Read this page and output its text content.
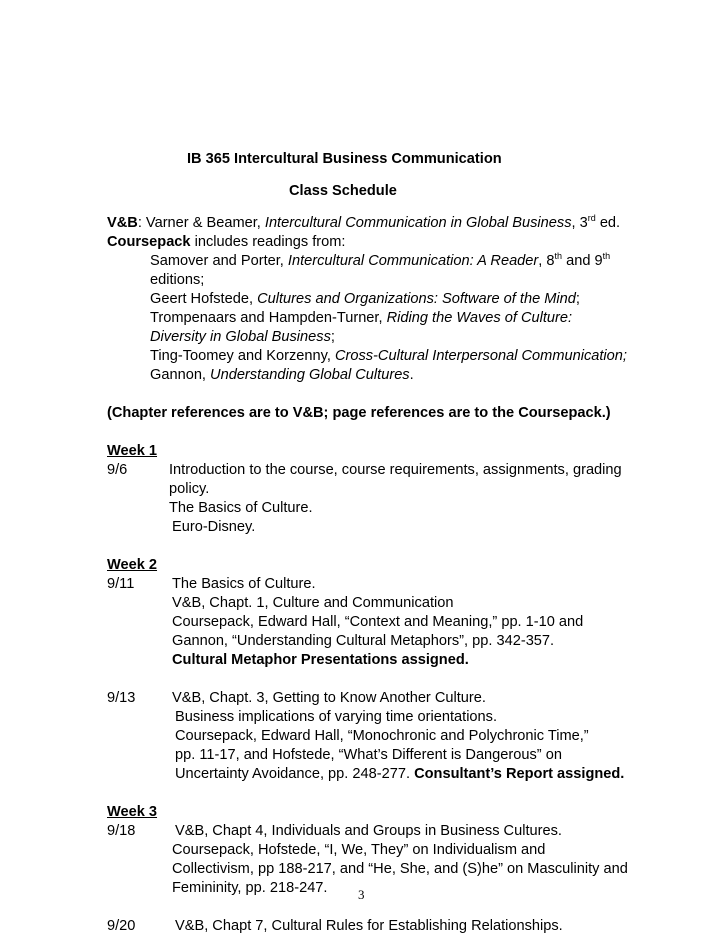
IB 365 Intercultural Business Communication
Class Schedule
V&B: Varner & Beamer, Intercultural Communication in Global Business, 3rd ed.
Coursepack includes readings from:
Samover and Porter, Intercultural Communication: A Reader, 8th and 9th
editions;
Geert Hofstede, Cultures and Organizations: Software of the Mind;
Trompenaars and Hampden-Turner, Riding the Waves of Culture:
Diversity in Global Business;
Ting-Toomey and Korzenny, Cross-Cultural Interpersonal Communication;
Gannon, Understanding Global Cultures.
(Chapter references are to V&B; page references are to the Coursepack.)
Week 1
9/6	Introduction to the course, course requirements, assignments, grading
policy.
The Basics of Culture.
Euro-Disney.
Week 2
9/11	The Basics of Culture.
V&B, Chapt. 1, Culture and Communication
Coursepack, Edward Hall, “Context and Meaning,” pp. 1-10 and
Gannon, “Understanding Cultural Metaphors”, pp. 342-357.
Cultural Metaphor Presentations assigned.
9/13	V&B, Chapt. 3, Getting to Know Another Culture.
Business implications of varying time orientations.
Coursepack, Edward Hall, “Monochronic and Polychronic Time,”
pp. 11-17, and Hofstede, “What’s Different is Dangerous” on
Uncertainty Avoidance, pp. 248-277. Consultant’s Report assigned.
Week 3
9/18	V&B, Chapt 4, Individuals and Groups in Business Cultures.
Coursepack, Hofstede, “I, We, They” on Individualism and
Collectivism, pp 188-217, and “He, She, and (S)he” on Masculinity and
Femininity, pp. 218-247.
9/20	V&B, Chapt 7, Cultural Rules for Establishing Relationships.
3
